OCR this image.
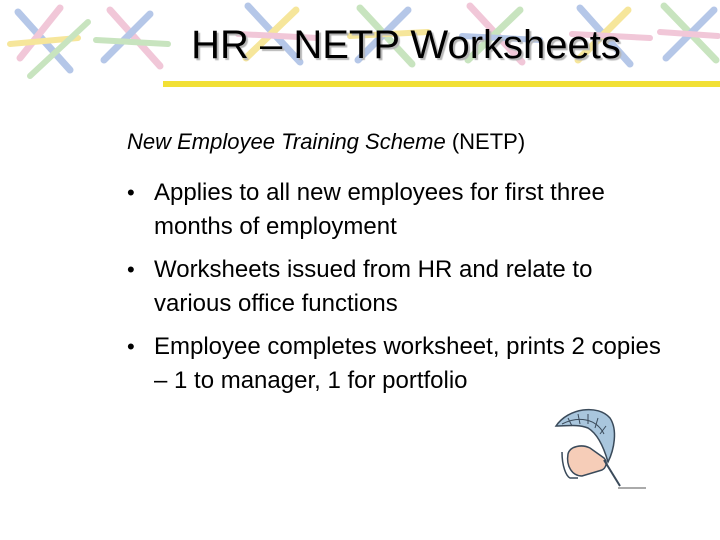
HR – NETP Worksheets
New Employee Training Scheme (NETP)
• Applies to all new employees for first three months of employment
• Worksheets issued from HR and relate to various office functions
• Employee completes worksheet, prints 2 copies – 1 to manager, 1 for portfolio
